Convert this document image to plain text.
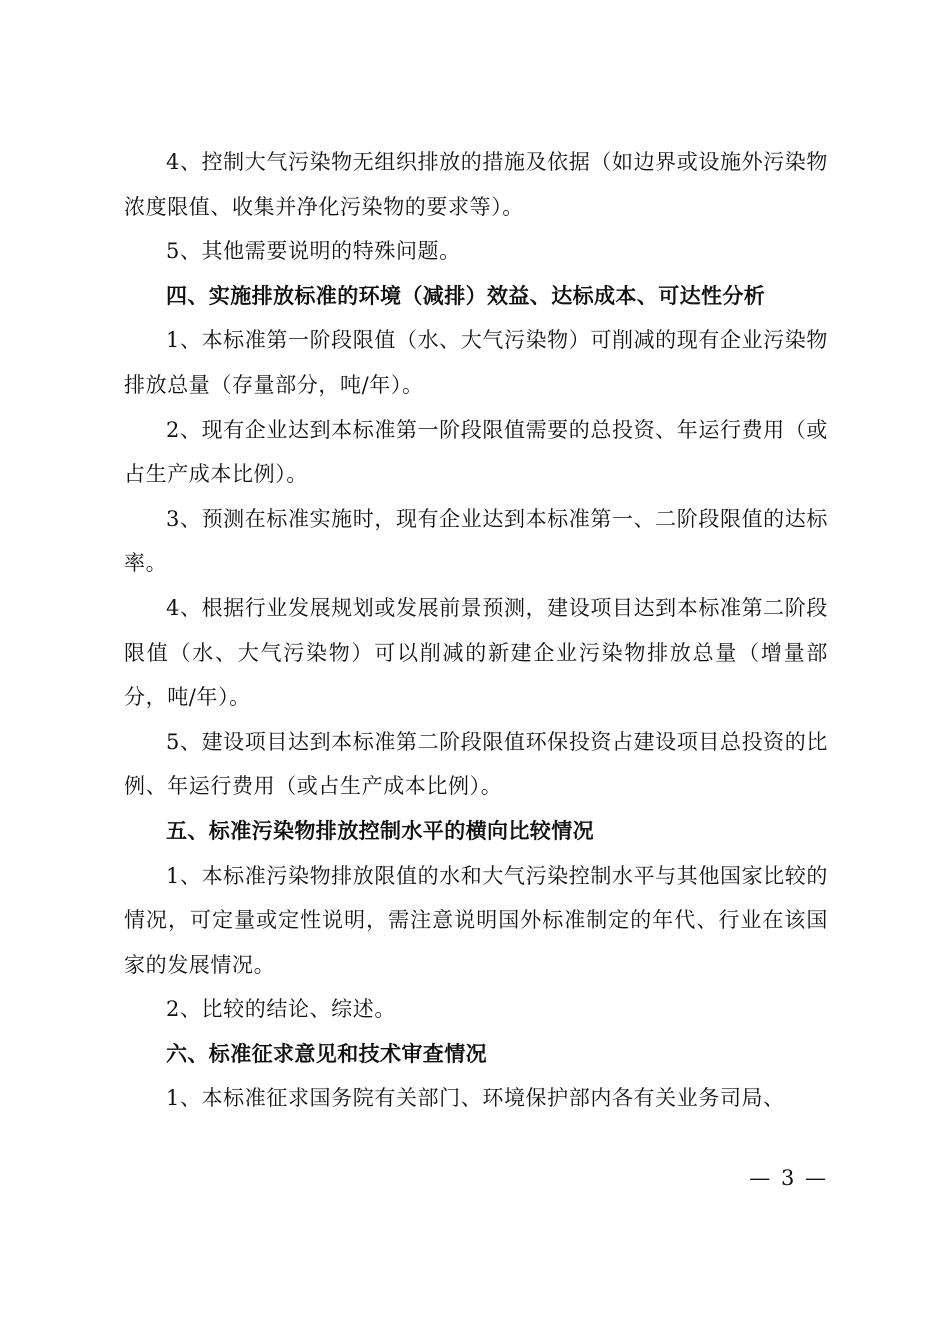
4、控制大气污染物无组织排放的措施及依据（如边界或设施外污染物浓度限值、收集并净化污染物的要求等）。

5、其他需要说明的特殊问题。

四、实施排放标准的环境（减排）效益、达标成本、可达性分析

1、本标准第一阶段限值（水、大气污染物）可削减的现有企业污染物排放总量（存量部分，吨/年）。

2、现有企业达到本标准第一阶段限值需要的总投资、年运行费用（或占生产成本比例）。

3、预测在标准实施时，现有企业达到本标准第一、二阶段限值的达标率。

4、根据行业发展规划或发展前景预测，建设项目达到本标准第二阶段限值（水、大气污染物）可以削减的新建企业污染物排放总量（增量部分，吨/年）。

5、建设项目达到本标准第二阶段限值环保投资占建设项目总投资的比例、年运行费用（或占生产成本比例）。

五、标准污染物排放控制水平的横向比较情况

1、本标准污染物排放限值的水和大气污染控制水平与其他国家比较的情况，可定量或定性说明，需注意说明国外标准制定的年代、行业在该国家的发展情况。

2、比较的结论、综述。

六、标准征求意见和技术审查情况

1、本标准征求国务院有关部门、环境保护部内各有关业务司局、

— 3 —
